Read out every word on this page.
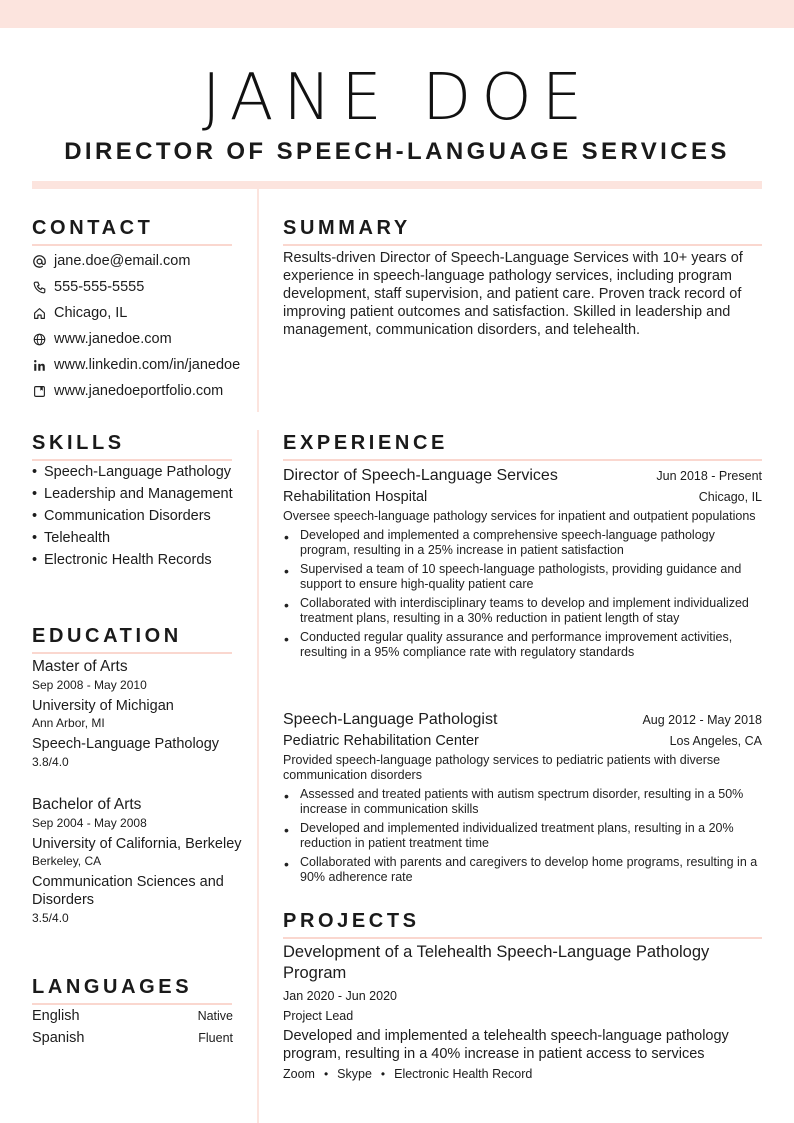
JANE DOE
DIRECTOR OF SPEECH-LANGUAGE SERVICES
CONTACT
jane.doe@email.com
555-555-5555
Chicago, IL
www.janedoe.com
www.linkedin.com/in/janedoe
www.janedoeportfolio.com
SUMMARY

Results-driven Director of Speech-Language Services with 10+ years of experience in speech-language pathology services, including program development, staff supervision, and patient care. Proven track record of improving patient outcomes and satisfaction. Skilled in leadership and management, communication disorders, and telehealth.

SKILLS
• Speech-Language Pathology
• Leadership and Management
• Communication Disorders
• Telehealth
• Electronic Health Records
EDUCATION
Master of Arts
Sep 2008 - May 2010
University of Michigan
Ann Arbor, MI
Speech-Language Pathology
3.8/4.0
Bachelor of Arts
Sep 2004 - May 2008
University of California, Berkeley
Berkeley, CA
Communication Sciences and Disorders
3.5/4.0
LANGUAGES
English	Native
Spanish	Fluent
EXPERIENCE
Director of Speech-Language Services	Jun 2018 - Present
Rehabilitation Hospital	Chicago, IL
Oversee speech-language pathology services for inpatient and outpatient populations
• Developed and implemented a comprehensive speech-language pathology program, resulting in a 25% increase in patient satisfaction
• Supervised a team of 10 speech-language pathologists, providing guidance and support to ensure high-quality patient care
• Collaborated with interdisciplinary teams to develop and implement individualized treatment plans, resulting in a 30% reduction in patient length of stay
• Conducted regular quality assurance and performance improvement activities, resulting in a 95% compliance rate with regulatory standards
Speech-Language Pathologist	Aug 2012 - May 2018
Pediatric Rehabilitation Center	Los Angeles, CA
Provided speech-language pathology services to pediatric patients with diverse communication disorders
• Assessed and treated patients with autism spectrum disorder, resulting in a 50% increase in communication skills
• Developed and implemented individualized treatment plans, resulting in a 20% reduction in patient treatment time
• Collaborated with parents and caregivers to develop home programs, resulting in a 90% adherence rate
PROJECTS
Development of a Telehealth Speech-Language Pathology Program
Jan 2020 - Jun 2020
Project Lead
Developed and implemented a telehealth speech-language pathology program, resulting in a 40% increase in patient access to services
Zoom • Skype • Electronic Health Record
